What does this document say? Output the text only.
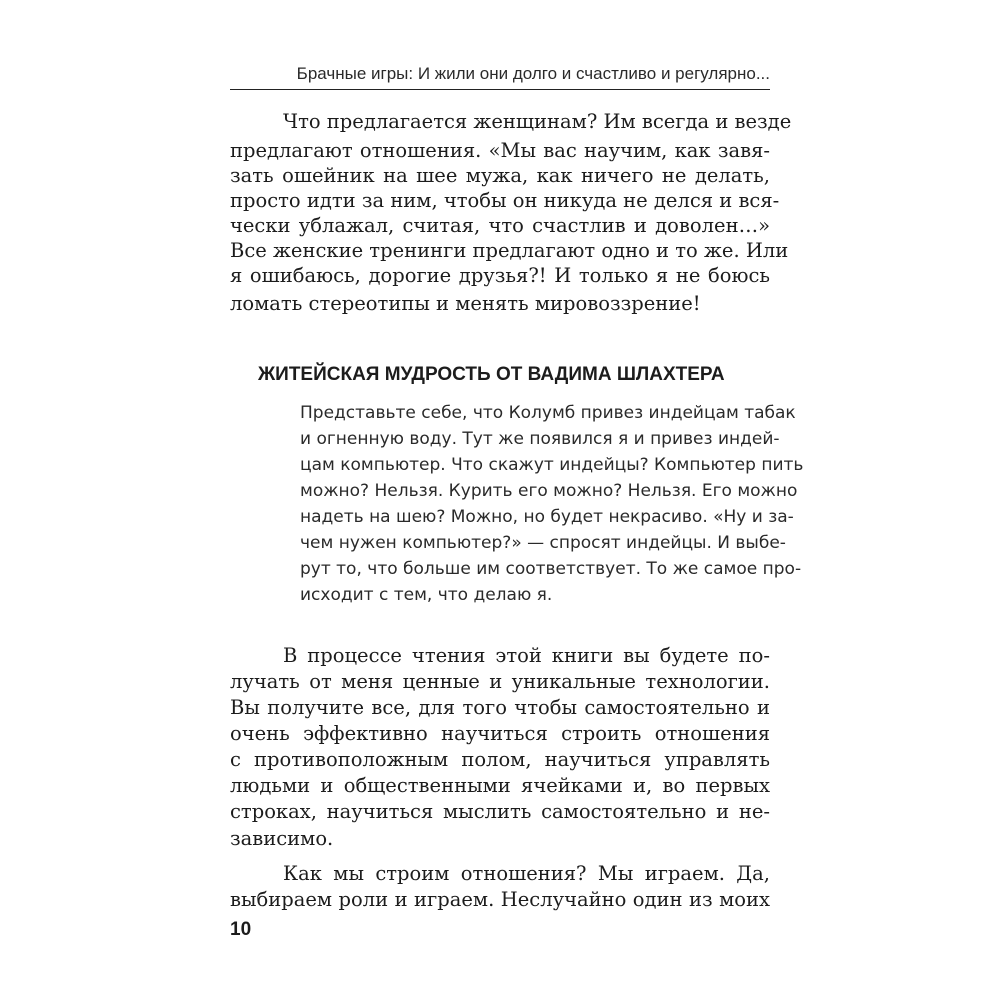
Брачные игры: И жили они долго и счастливо и регулярно...
Что предлагается женщинам? Им всегда и везде
предлагают отношения. «Мы вас научим, как завя-
зать ошейник на шее мужа, как ничего не делать,
просто идти за ним, чтобы он никуда не делся и вся-
чески ублажал, считая, что счастлив и доволен…»
Все женские тренинги предлагают одно и то же. Или
я ошибаюсь, дорогие друзья?! И только я не боюсь
ломать стереотипы и менять мировоззрение!
ЖИТЕЙСКАЯ МУДРОСТЬ ОТ ВАДИМА ШЛАХТЕРА
Представьте себе, что Колумб привез индейцам табак
и огненную воду. Тут же появился я и привез индей-
цам компьютер. Что скажут индейцы? Компьютер пить
можно? Нельзя. Курить его можно? Нельзя. Его можно
надеть на шею? Можно, но будет некрасиво. «Ну и за-
чем нужен компьютер?» — спросят индейцы. И выбе-
рут то, что больше им соответствует. То же самое про-
исходит с тем, что делаю я.
В процессе чтения этой книги вы будете по-
лучать от меня ценные и уникальные технологии.
Вы получите все, для того чтобы самостоятельно и
очень эффективно научиться строить отношения
с противоположным полом, научиться управлять
людьми и общественными ячейками и, во первых
строках, научиться мыслить самостоятельно и не-
зависимо.
Как мы строим отношения? Мы играем. Да,
выбираем роли и играем. Неслучайно один из моих
10
